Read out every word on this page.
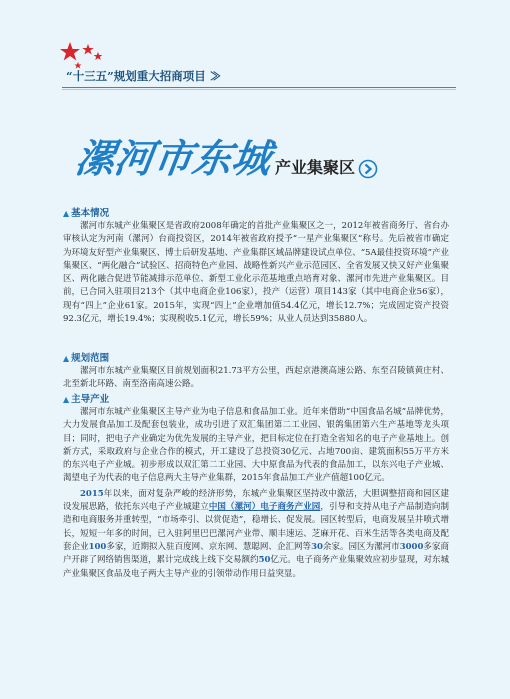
“十三五”规划重大招商项目 ≫
漯河市东城产业集聚区
▲ 基本情况
漯河市东城产业集聚区是省政府2008年确定的首批产业集聚区之一，2012年被省商务厅、省台办审核认定为河南（漯河）台商投资区，2014年被省政府授予“一星产业集聚区”称号。先后被省市确定为环境友好型产业集聚区、博士后研发基地、产业集群区域品牌建设试点单位、“5A最佳投资环境”产业集聚区、“两化融合”试验区、招商特色产业园、战略性新兴产业示范园区、全省发展又快又好产业集聚区、两化融合促进节能减排示范单位、新型工业化示范基地重点培育对象、漯河市先进产业集聚区。目前，已合同入驻项目213个（其中电商企业106家），投产（运营）项目143家（其中电商企业56家），现有“四上”企业61家。2015年，实现“四上”企业增加值54.4亿元，增长12.7%；完成固定资产投资92.3亿元，增长19.4%；实现税收5.1亿元，增长59%；从业人员达到35880人。
▲ 规划范围
漯河市东城产业集聚区目前规划面积21.73平方公里，西起京港澳高速公路、东至召陵镇黄庄村、北至新北环路、南至洛南高速公路。
▲ 主导产业
漯河市东城产业集聚区主导产业为电子信息和食品加工业。近年来借助“中国食品名城”品牌优势，大力发展食品加工及配套包装业，成功引进了双汇集团第二工业园、银鸽集团第六生产基地等龙头项目；同时，把电子产业确定为优先发展的主导产业，把目标定位在打造全省知名的电子产业基地上。创新方式，采取政府与企业合作的模式，开工建设了总投资30亿元、占地700亩、建筑面积55万平方米的东兴电子产业城。初步形成以双汇第二工业园、大中原食品为代表的食品加工，以东兴电子产业城、渴望电子为代表的电子信息两大主导产业集群，2015年食品加工产业产值超100亿元。
2015年以来，面对复杂严峻的经济形势，东城产业集聚区坚持改中激活，大胆调整招商和园区建设发展思路，依托东兴电子产业城建立中国（漯河）电子商务产业园，引导和支持从电子产品制造向制造和电商服务并重转型，“市场牵引、以赏促造”，稳增长、促发展。园区转型后，电商发展呈井喷式增长，短短一年多的时间，已入驻阿里巴巴漯河产业带、顺丰速运、芝麻开花、百米生活等各类电商及配套企业100多家，近期拟入驻百度网、京东网、慧聪网、企汇网等30余家。园区为漯河市3000多家商户开辟了网络销售渠道，累计完成线上线下交易额约50亿元。电子商务产业集聚效应初步显现，对东城产业集聚区食品及电子两大主导产业的引领带动作用日益突显。
